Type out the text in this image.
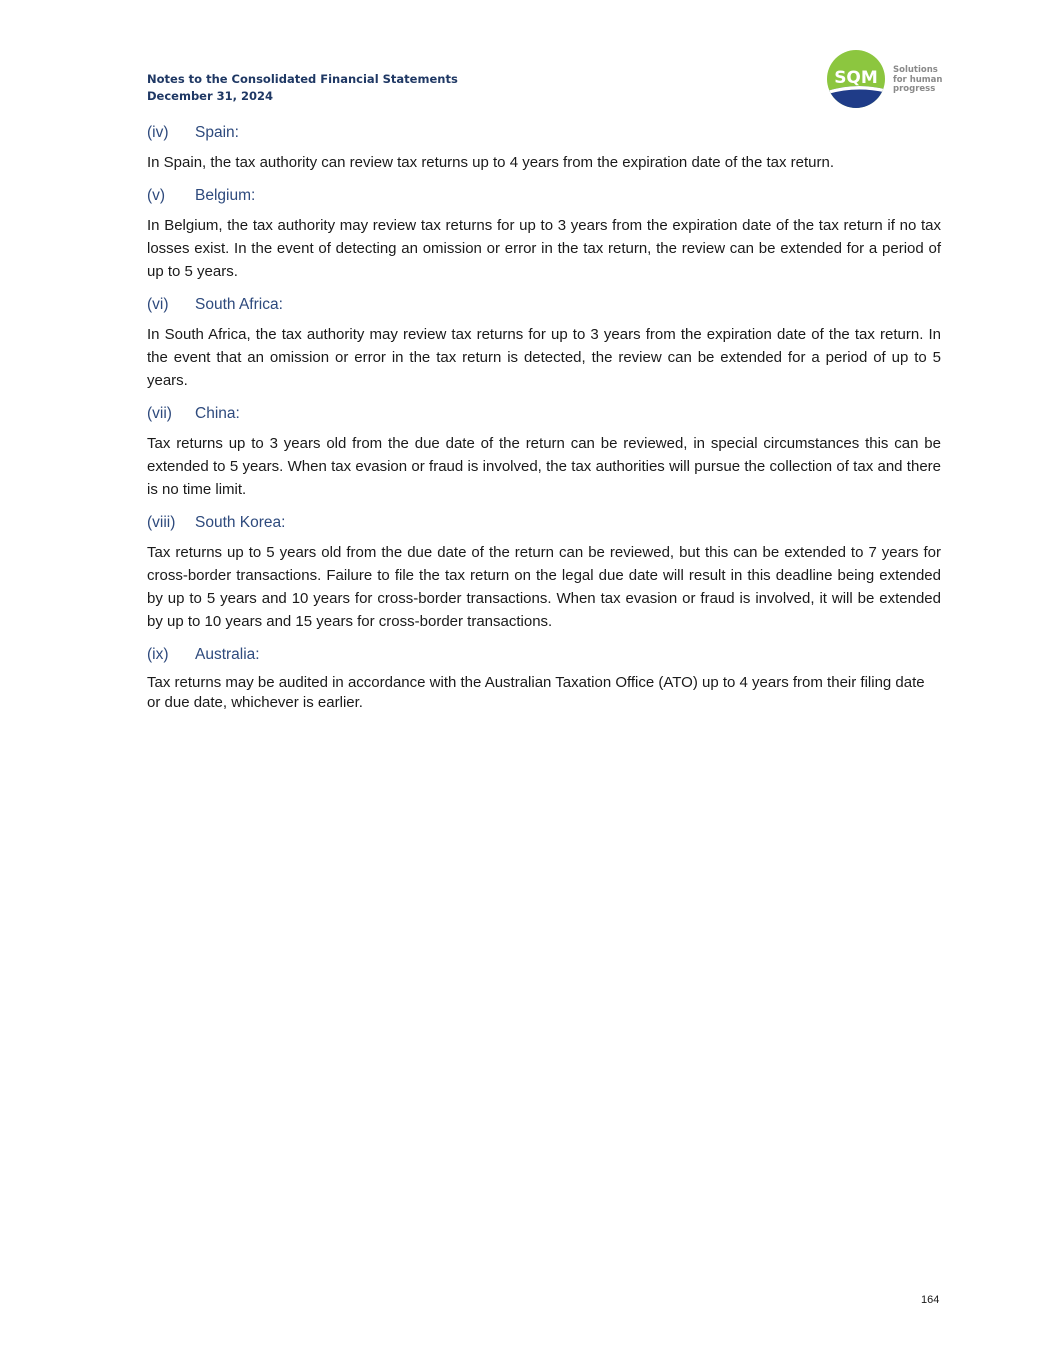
Notes to the Consolidated Financial Statements
December 31, 2024
SQM Solutions
for human
progress
(iv) Spain:

In Spain, the tax authority can review tax returns up to 4 years from the expiration date of the tax return.

(v) Belgium:

In Belgium, the tax authority may review tax returns for up to 3 years from the expiration date of the tax return if no tax losses exist. In the event of detecting an omission or error in the tax return, the review can be extended for a period of up to 5 years.

(vi) South Africa:

In South Africa, the tax authority may review tax returns for up to 3 years from the expiration date of the tax return. In the event that an omission or error in the tax return is detected, the review can be extended for a period of up to 5 years.

(vii) China:

Tax returns up to 3 years old from the due date of the return can be reviewed, in special circumstances this can be extended to 5 years. When tax evasion or fraud is involved, the tax authorities will pursue the collection of tax and there is no time limit.

(viii) South Korea:

Tax returns up to 5 years old from the due date of the return can be reviewed, but this can be extended to 7 years for cross-border transactions. Failure to file the tax return on the legal due date will result in this deadline being extended by up to 5 years and 10 years for cross-border transactions. When tax evasion or fraud is involved, it will be extended by up to 10 years and 15 years for cross-border transactions.

(ix) Australia:

Tax returns may be audited in accordance with the Australian Taxation Office (ATO) up to 4 years from their filing date or due date, whichever is earlier.

164
